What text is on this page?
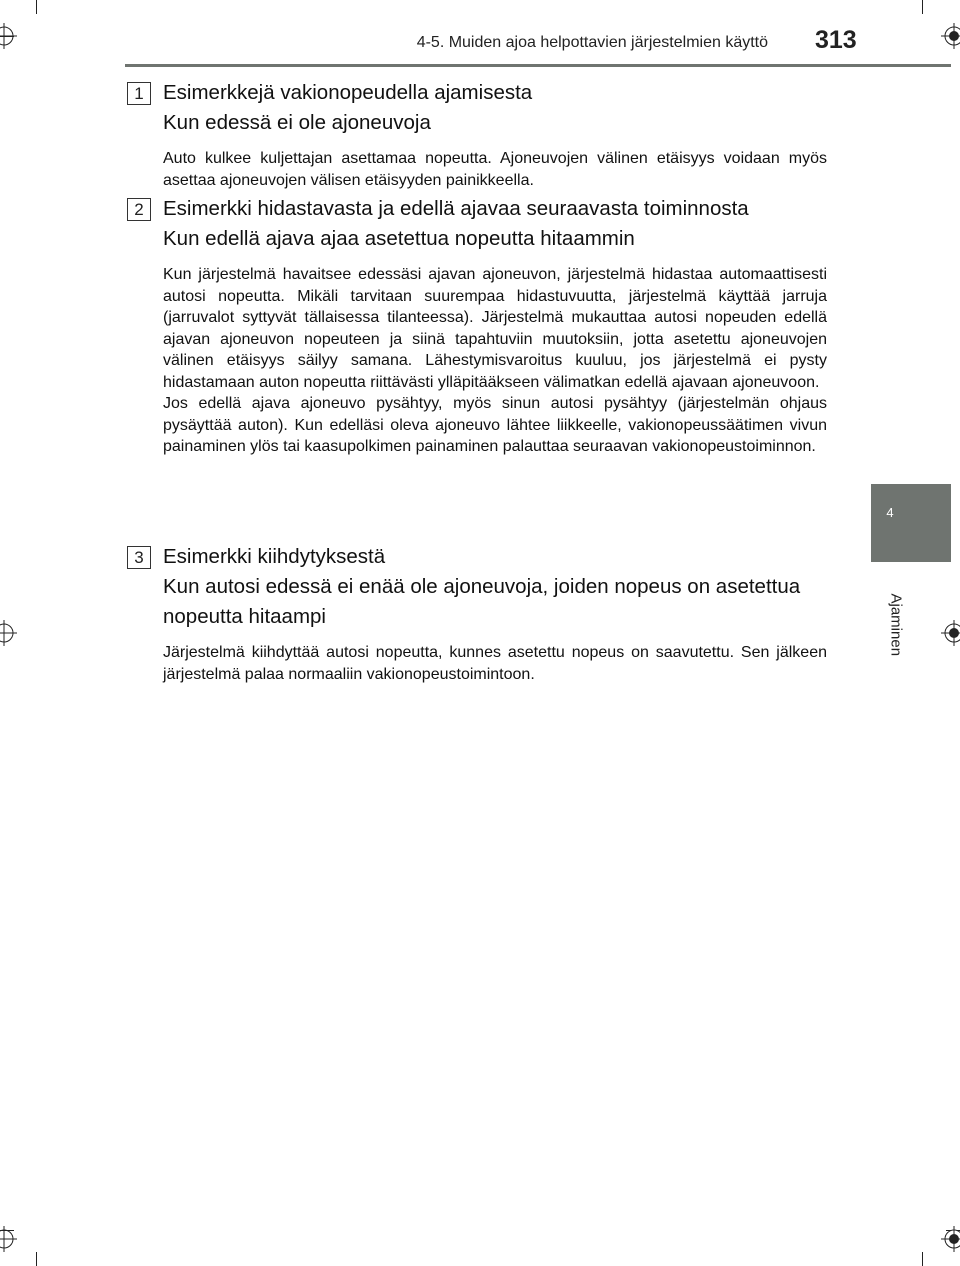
4-5. Muiden ajoa helpottavien järjestelmien käyttö 313
4
Ajaminen
1 Esimerkkejä vakionopeudella ajamisesta
Kun edessä ei ole ajoneuvoja

Auto kulkee kuljettajan asettamaa nopeutta. Ajoneuvojen välinen etäisyys voidaan myös asettaa ajoneuvojen välisen etäisyyden painikkeella.

2 Esimerkki hidastavasta ja edellä ajavaa seuraavasta toiminnosta
Kun edellä ajava ajaa asetettua nopeutta hitaammin

Kun järjestelmä havaitsee edessäsi ajavan ajoneuvon, järjestelmä hidastaa automaattisesti autosi nopeutta. Mikäli tarvitaan suurempaa hidastuvuutta, järjestelmä käyttää jarruja (jarruvalot syttyvät tällaisessa tilanteessa). Järjestelmä mukauttaa autosi nopeuden edellä ajavan ajoneuvon nopeuteen ja siinä tapahtuviin muutoksiin, jotta asetettu ajoneuvojen välinen etäisyys säilyy samana. Lähestymisvaroitus kuuluu, jos järjestelmä ei pysty hidastamaan auton nopeutta riittävästi ylläpitääkseen välimatkan edellä ajavaan ajoneuvoon.

Jos edellä ajava ajoneuvo pysähtyy, myös sinun autosi pysähtyy (järjestelmän ohjaus pysäyttää auton). Kun edelläsi oleva ajoneuvo lähtee liikkeelle, vakionopeussäätimen vivun painaminen ylös tai kaasupolkimen painaminen palauttaa seuraavan vakionopeustoiminnon.

3 Esimerkki kiihdytyksestä
Kun autosi edessä ei enää ole ajoneuvoja, joiden nopeus on asetettua nopeutta hitaampi

Järjestelmä kiihdyttää autosi nopeutta, kunnes asetettu nopeus on saavutettu. Sen jälkeen järjestelmä palaa normaaliin vakionopeustoimintoon.
